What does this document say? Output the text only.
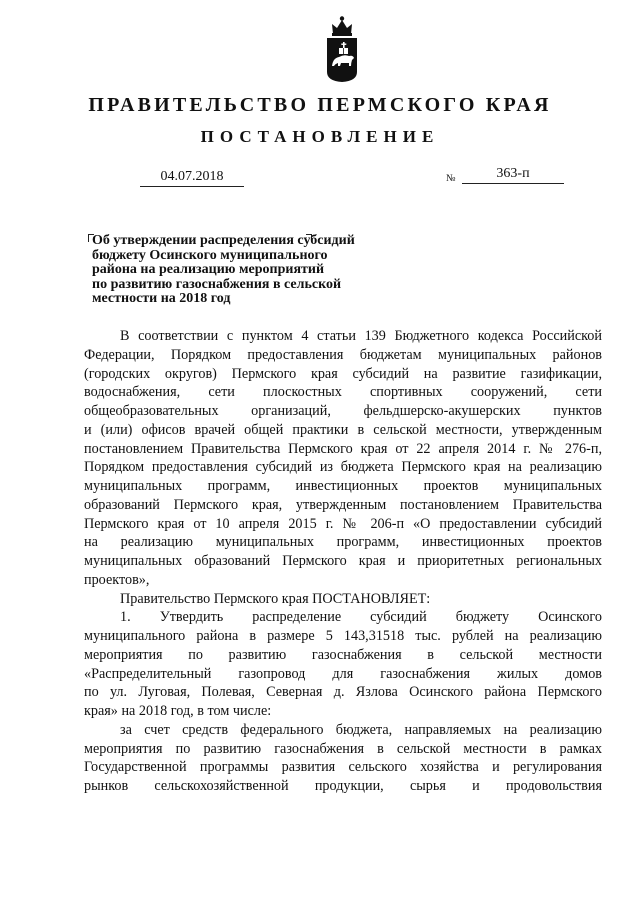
ПРАВИТЕЛЬСТВО ПЕРМСКОГО КРАЯ
ПОСТАНОВЛЕНИЕ
04.07.2018	№	363-п
Об утверждении распределения субсидий
бюджету Осинского муниципального
района на реализацию мероприятий
по развитию газоснабжения в сельской
местности на 2018 год

В соответствии с пунктом 4 статьи 139 Бюджетного кодекса Российской

Федерации, Порядком предоставления бюджетам муниципальных районов

(городских округов) Пермского края субсидий на развитие газификации,

водоснабжения, сети плоскостных спортивных сооружений, сети

общеобразовательных организаций, фельдшерско-акушерских пунктов

и (или) офисов врачей общей практики в сельской местности, утвержденным

постановлением Правительства Пермского края от 22 апреля 2014 г. № 276-п,

Порядком предоставления субсидий из бюджета Пермского края на реализацию

муниципальных программ, инвестиционных проектов муниципальных

образований Пермского края, утвержденным постановлением Правительства

Пермского края от 10 апреля 2015 г. № 206-п «О предоставлении субсидий

на реализацию муниципальных программ, инвестиционных проектов

муниципальных образований Пермского края и приоритетных региональных

проектов»,

Правительство Пермского края ПОСТАНОВЛЯЕТ:

1. Утвердить распределение субсидий бюджету Осинского

муниципального района в размере 5 143,31518 тыс. рублей на реализацию

мероприятия по развитию газоснабжения в сельской местности

«Распределительный газопровод для газоснабжения жилых домов

по ул. Луговая, Полевая, Северная д. Язлова Осинского района Пермского

края» на 2018 год, в том числе:

за счет средств федерального бюджета, направляемых на реализацию

мероприятия по развитию газоснабжения в сельской местности в рамках

Государственной программы развития сельского хозяйства и регулирования

рынков сельскохозяйственной продукции, сырья и продовольствия
